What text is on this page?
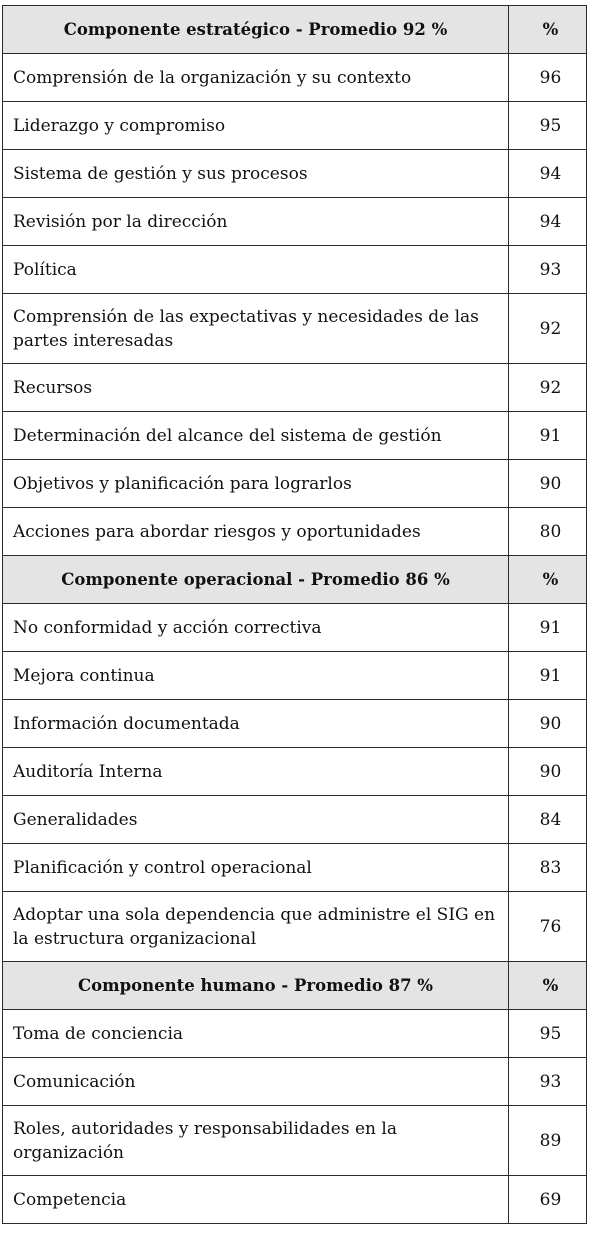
Componente estratégico - Promedio 92 %	%
Comprensión de la organización y su contexto	96
Liderazgo y compromiso	95
Sistema de gestión y sus procesos	94
Revisión por la dirección	94
Política	93
Comprensión de las expectativas y necesidades de las partes interesadas	92
Recursos	92
Determinación del alcance del sistema de gestión	91
Objetivos y planificación para lograrlos	90
Acciones para abordar riesgos y oportunidades	80
Componente operacional - Promedio 86 %	%
No conformidad y acción correctiva	91
Mejora continua	91
Información documentada	90
Auditoría Interna	90
Generalidades	84
Planificación y control operacional	83
Adoptar una sola dependencia que administre el SIG en la estructura organizacional	76
Componente humano - Promedio 87 %	%
Toma de conciencia	95
Comunicación	93
Roles, autoridades y responsabilidades en la organización	89
Competencia	69
